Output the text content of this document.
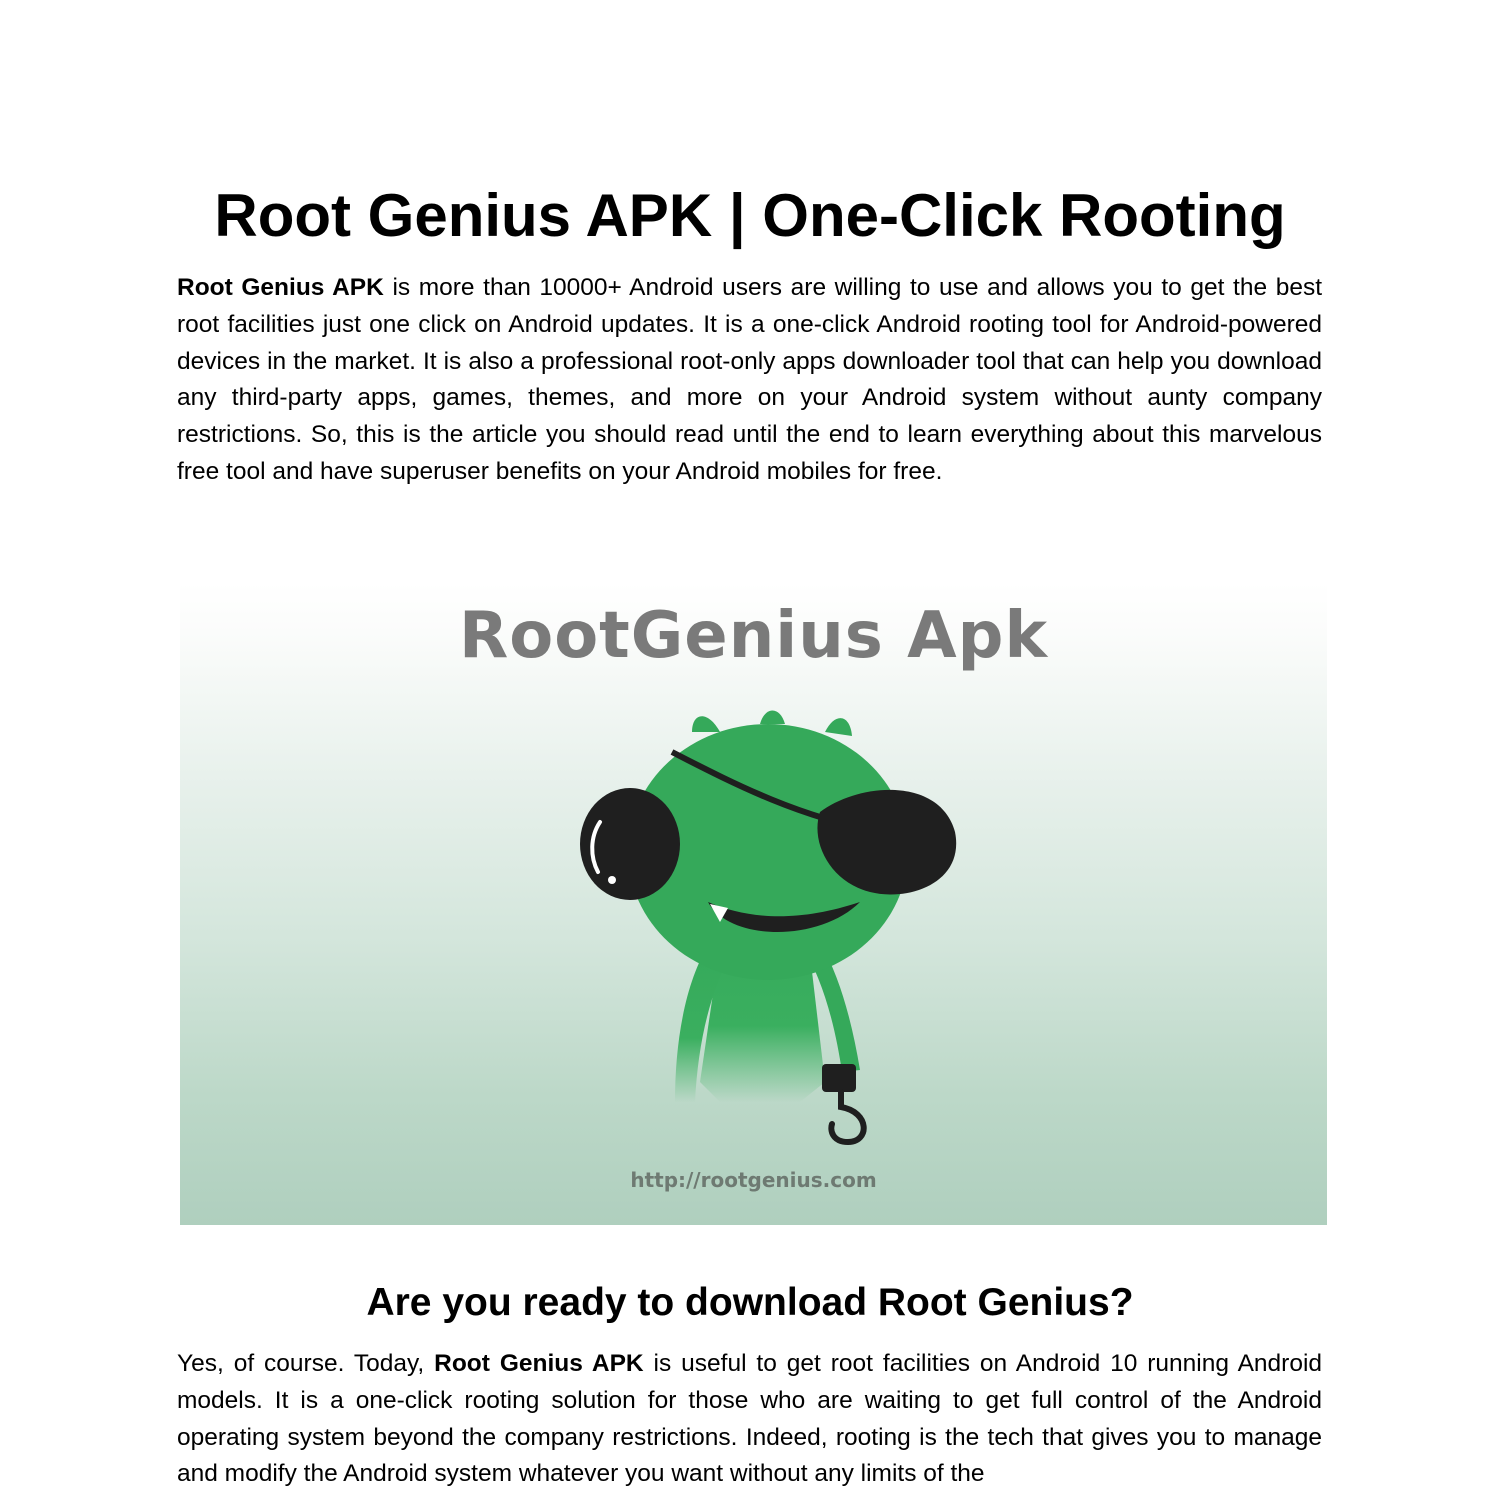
Root Genius APK | One-Click Rooting

Root Genius APK is more than 10000+ Android users are willing to use and allows you to get the best root facilities just one click on Android updates. It is a one-click Android rooting tool for Android-powered devices in the market. It is also a professional root-only apps downloader tool that can help you download any third-party apps, games, themes, and more on your Android system without aunty company restrictions. So, this is the article you should read until the end to learn everything about this marvelous free tool and have superuser benefits on your Android mobiles for free.

RootGenius Apk
http://rootgenius.com
Are you ready to download Root Genius?

Yes, of course. Today, Root Genius APK is useful to get root facilities on Android 10 running Android models. It is a one-click rooting solution for those who are waiting to get full control of the Android operating system beyond the company restrictions. Indeed, rooting is the tech that gives you to manage and modify the Android system whatever you want without any limits of the
